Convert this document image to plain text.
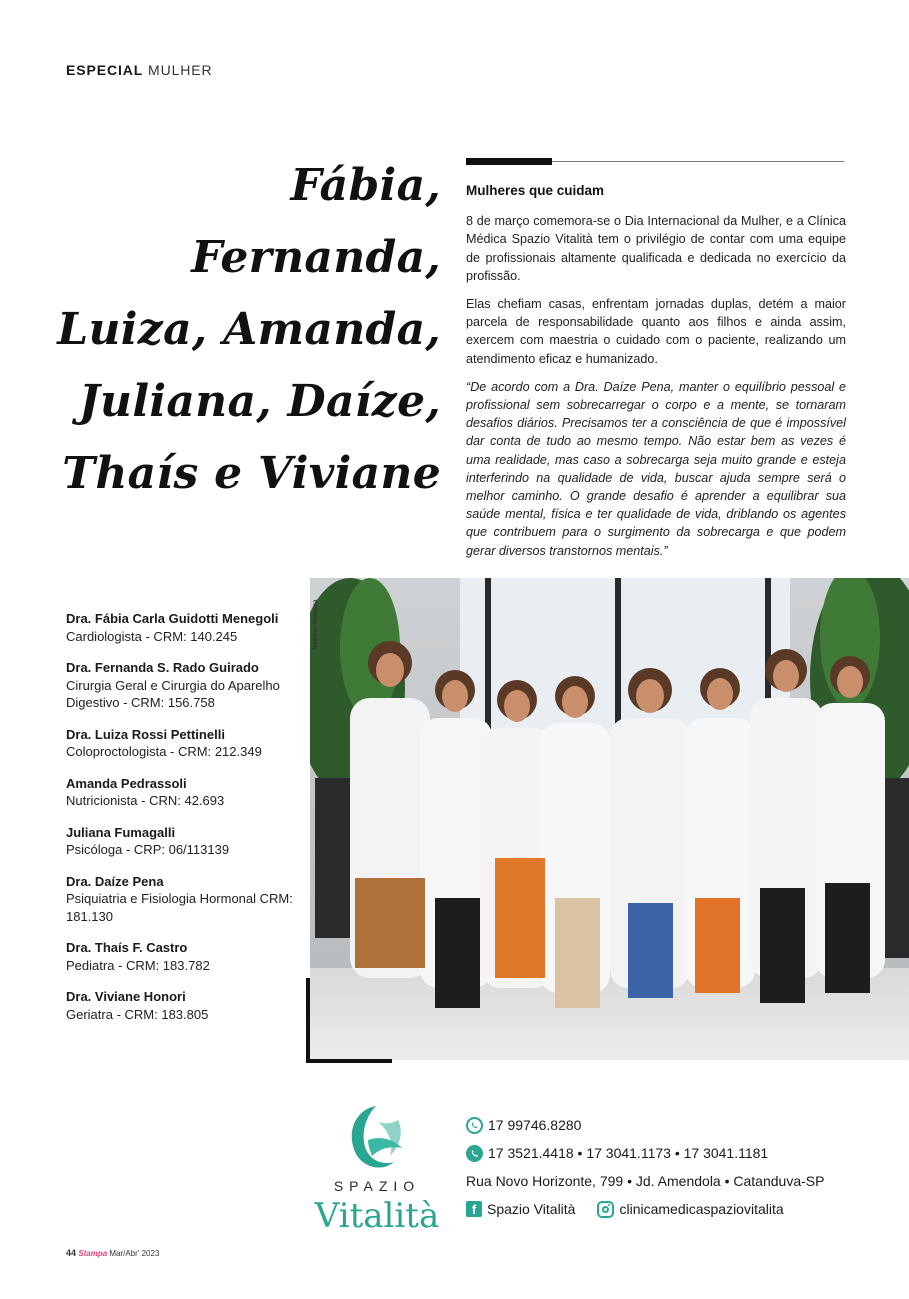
ESPECIAL MULHER
Fábia, Fernanda,
Luiza, Amanda,
Juliana, Daíze,
Thaís e Viviane
Mulheres que cuidam

8 de março comemora-se o Dia Internacional da Mulher, e a Clínica Médica Spazio Vitalità tem o privilégio de contar com uma equipe de profissionais altamente qualificada e dedicada no exercício da profissão.

Elas chefiam casas, enfrentam jornadas duplas, detém a maior parcela de responsabilidade quanto aos filhos e ainda assim, exercem com maestria o cuidado com o paciente, realizando um atendimento eficaz e humanizado.

“De acordo com a Dra. Daíze Pena, manter o equilíbrio pessoal e profissional sem sobrecarregar o corpo e a mente, se tornaram desafios diários. Precisamos ter a consciência de que é impossível dar conta de tudo ao mesmo tempo. Não estar bem as vezes é uma realidade, mas caso a sobrecarga seja muito grande e esteja interferindo na qualidade de vida, buscar ajuda sempre será o melhor caminho. O grande desafio é aprender a equilibrar sua saúde mental, física e ter qualidade de vida, driblando os agentes que contribuem para o surgimento da sobrecarga e que podem gerar diversos transtornos mentais.”

Matheus Fonseca
Dra. Fábia Carla Guidotti Menegoli
Cardiologista - CRM: 140.245
Dra. Fernanda S. Rado Guirado
Cirurgia Geral e Cirurgia do Aparelho Digestivo - CRM: 156.758
Dra. Luiza Rossi Pettinelli
Coloproctologista - CRM: 212.349
Amanda Pedrassoli
Nutricionista - CRN: 42.693
Juliana Fumagalli
Psicóloga - CRP: 06/113139
Dra. Daíze Pena
Psiquiatria e Fisiologia Hormonal CRM: 181.130
Dra. Thaís F. Castro
Pediatra - CRM: 183.782
Dra. Viviane Honori
Geriatra - CRM: 183.805
SPAZIO
Vitalità
17 99746.8280
17 3521.4418 • 17 3041.1173 • 17 3041.1181
Rua Novo Horizonte, 799 • Jd. Amendola • Catanduva-SP
f Spazio Vitalità	clinicamedicaspaziovitalita
44 Stampa Mar/Abr' 2023
